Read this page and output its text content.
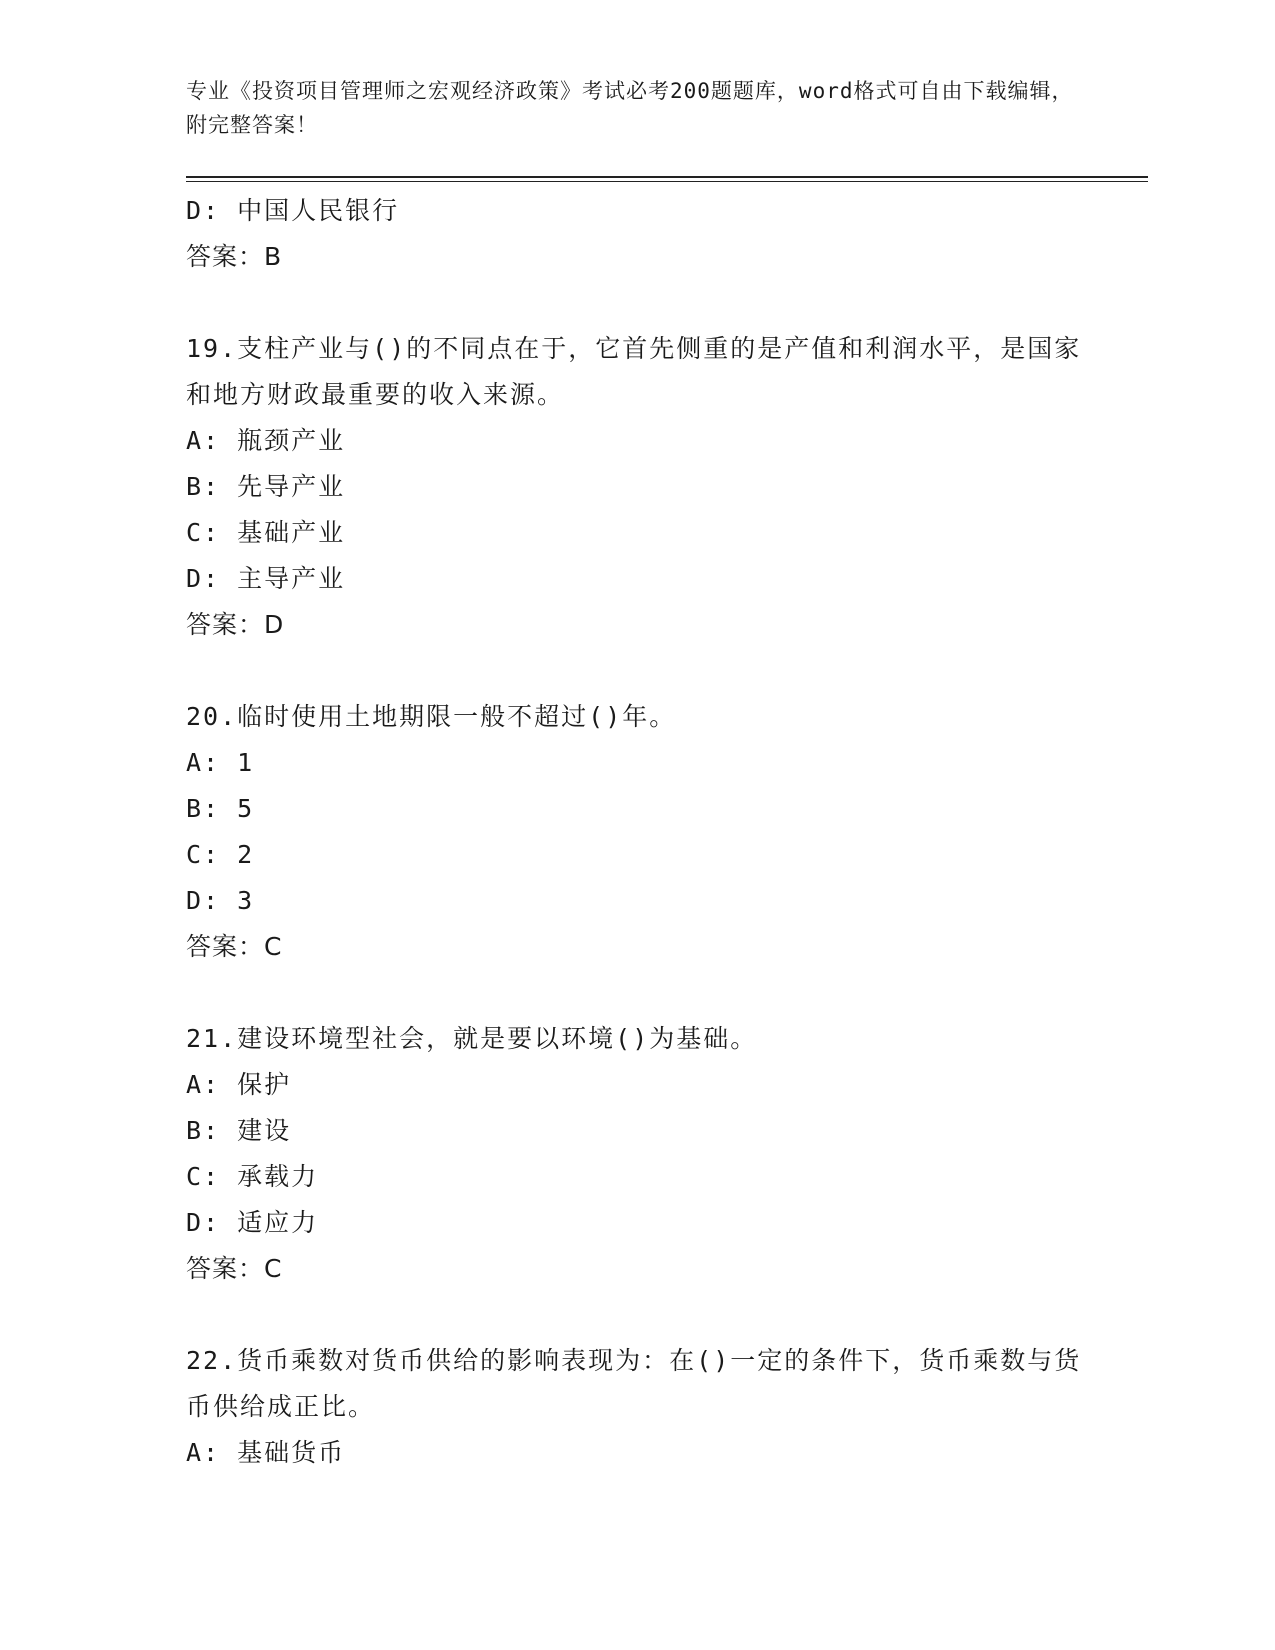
专业《投资项目管理师之宏观经济政策》考试必考200题题库，word格式可自由下载编辑，附完整答案！
D: 中国人民银行
答案：B
19.支柱产业与()的不同点在于，它首先侧重的是产值和利润水平，是国家和地方财政最重要的收入来源。
A: 瓶颈产业
B: 先导产业
C: 基础产业
D: 主导产业
答案：D
20.临时使用土地期限一般不超过()年。
A: 1
B: 5
C: 2
D: 3
答案：C
21.建设环境型社会，就是要以环境()为基础。
A: 保护
B: 建设
C: 承载力
D: 适应力
答案：C
22.货币乘数对货币供给的影响表现为：在()一定的条件下，货币乘数与货币供给成正比。
A: 基础货币
